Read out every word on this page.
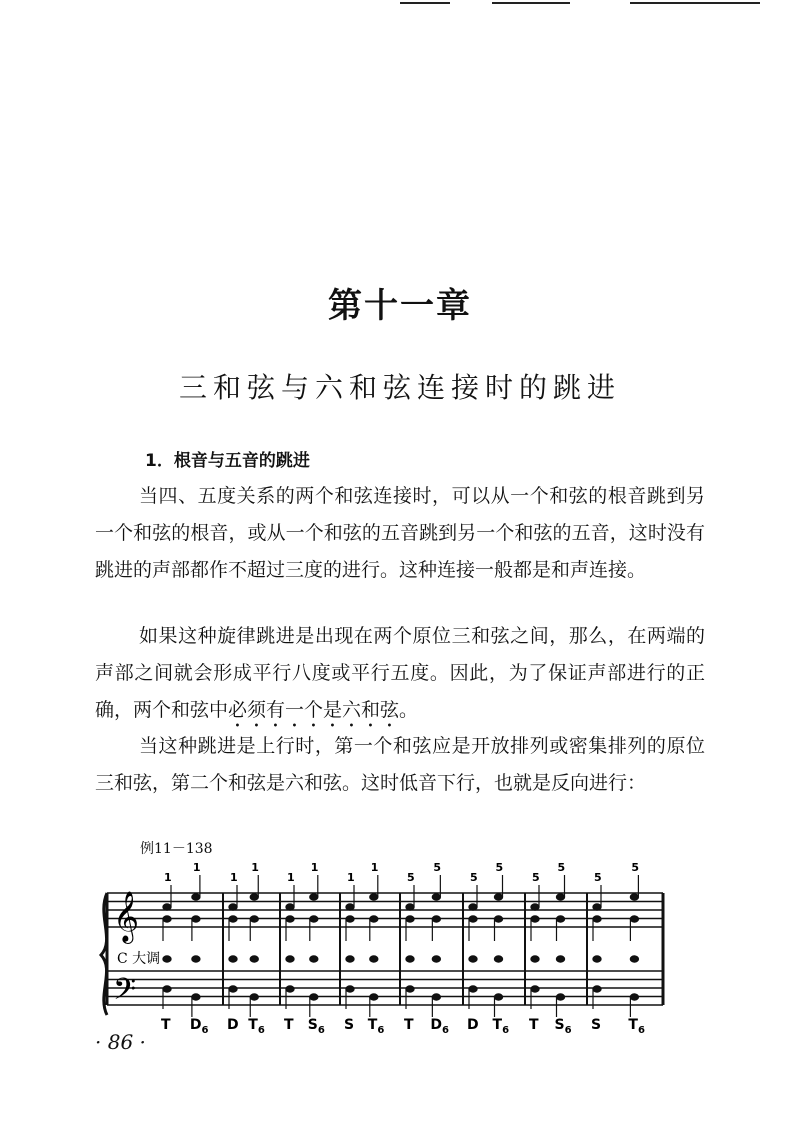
第十一章
三和弦与六和弦连接时的跳进
1．根音与五音的跳进

当四、五度关系的两个和弦连接时，可以从一个和弦的根音跳到另一个和弦的根音，或从一个和弦的五音跳到另一个和弦的五音，这时没有跳进的声部都作不超过三度的进行。这种连接一般都是和声连接。

如果这种旋律跳进是出现在两个原位三和弦之间，那么，在两端的声部之间就会形成平行八度或平行五度。因此，为了保证声部进行的正确，两个和弦中必须有一个是六和弦。

当这种跳进是上行时，第一个和弦应是开放排列或密集排列的原位三和弦，第二个和弦是六和弦。这时低音下行，也就是反向进行：

例11－138
𝄞
𝄢
C 大调
1
1
1
1
1
1
1
1
5
5
5
5
5
5
5
5
T $D_6$ D $T_6$ T $S_6$ S $T_6$ T $D_6$ D $T_6$ T $S_6$ S $T_6$
· 86 ·
